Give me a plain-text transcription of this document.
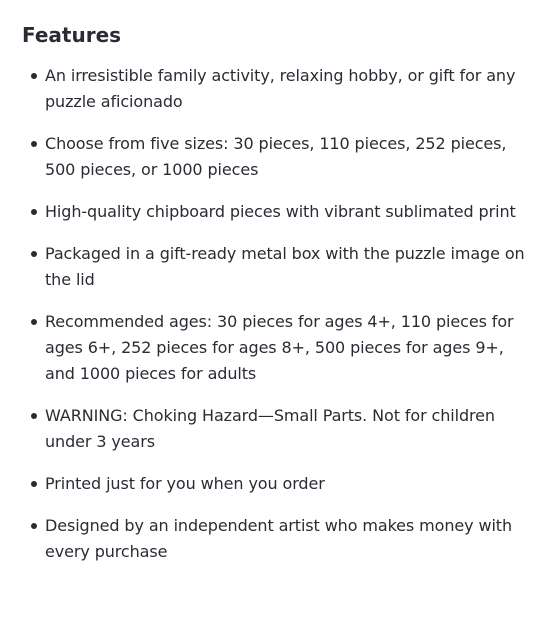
Features
An irresistible family activity, relaxing hobby, or gift for any puzzle aficionado
Choose from five sizes: 30 pieces, 110 pieces, 252 pieces, 500 pieces, or 1000 pieces
High-quality chipboard pieces with vibrant sublimated print
Packaged in a gift-ready metal box with the puzzle image on the lid
Recommended ages: 30 pieces for ages 4+, 110 pieces for ages 6+, 252 pieces for ages 8+, 500 pieces for ages 9+, and 1000 pieces for adults
WARNING: Choking Hazard—Small Parts. Not for children under 3 years
Printed just for you when you order
Designed by an independent artist who makes money with every purchase
